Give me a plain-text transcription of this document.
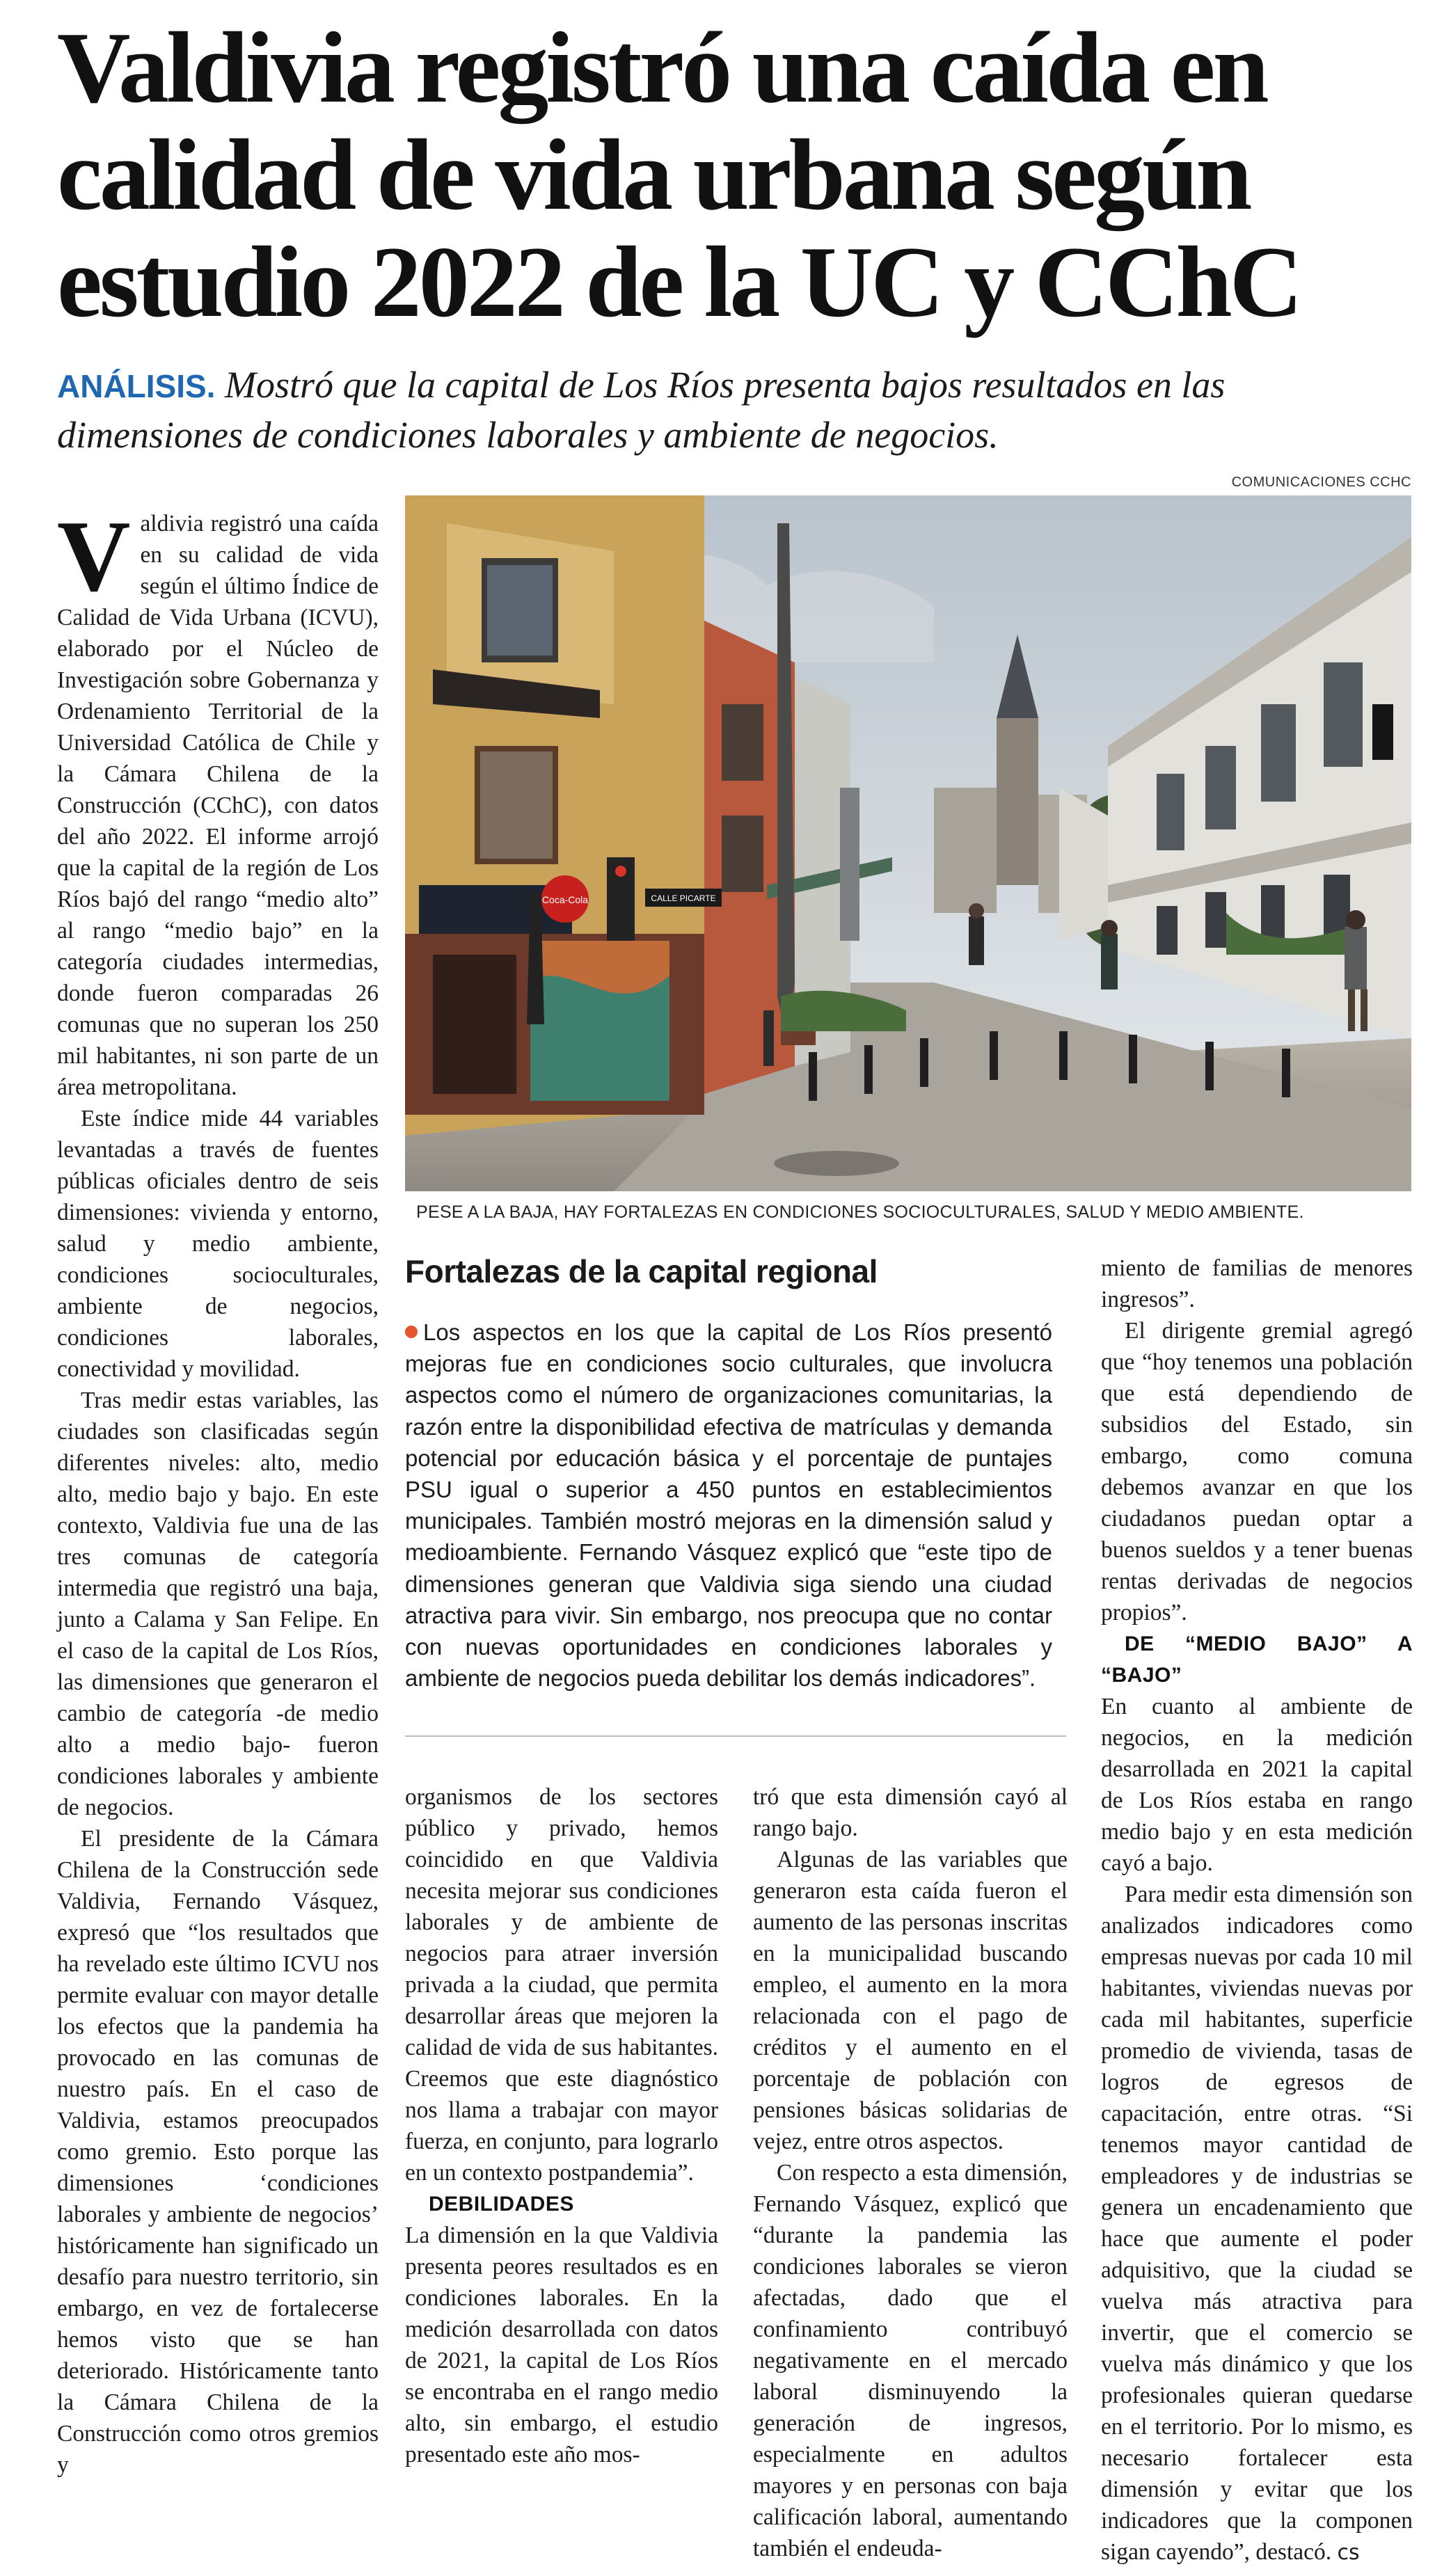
Valdivia registró una caída en
calidad de vida urbana según
estudio 2022 de la UC y CChC

ANÁLISIS. Mostró que la capital de Los Ríos presenta bajos resultados en las dimensiones de condiciones laborales y ambiente de negocios.

COMUNICACIONES CCHC
Coca-Cola	CALLE PICARTE
PESE A LA BAJA, HAY FORTALEZAS EN CONDICIONES SOCIOCULTURALES, SALUD Y MEDIO AMBIENTE.

Valdivia registró una caída en su calidad de vida según el último Índice de Calidad de Vida Urbana (ICVU), elaborado por el Núcleo de Investigación sobre Gobernanza y Ordenamiento Territorial de la Universidad Católica de Chile y la Cámara Chilena de la Construcción (CChC), con datos del año 2022. El informe arrojó que la capital de la región de Los Ríos bajó del rango “medio alto” al rango “medio bajo” en la categoría ciudades intermedias, donde fueron comparadas 26 comunas que no superan los 250 mil habitantes, ni son parte de un área metropolitana.

Este índice mide 44 variables levantadas a través de fuentes públicas oficiales dentro de seis dimensiones: vivienda y entorno, salud y medio ambiente, condiciones socioculturales, ambiente de negocios, condiciones laborales, conectividad y movilidad.

Tras medir estas variables, las ciudades son clasificadas según diferentes niveles: alto, medio alto, medio bajo y bajo. En este contexto, Valdivia fue una de las tres comunas de categoría intermedia que registró una baja, junto a Calama y San Felipe. En el caso de la capital de Los Ríos, las dimensiones que generaron el cambio de categoría -de medio alto a medio bajo- fueron condiciones laborales y ambiente de negocios.

El presidente de la Cámara Chilena de la Construcción sede Valdivia, Fernando Vásquez, expresó que “los resultados que ha revelado este último ICVU nos permite evaluar con mayor detalle los efectos que la pandemia ha provocado en las comunas de nuestro país. En el caso de Valdivia, estamos preocupados como gremio. Esto porque las dimensiones ‘condiciones laborales y ambiente de negocios’ históricamente han significado un desafío para nuestro territorio, sin embargo, en vez de fortalecerse hemos visto que se han deteriorado. Históricamente tanto la Cámara Chilena de la Construcción como otros gremios y

Fortalezas de la capital regional

Los aspectos en los que la capital de Los Ríos presentó mejoras fue en condiciones socio culturales, que involucra aspectos como el número de organizaciones comunitarias, la razón entre la disponibilidad efectiva de matrículas y demanda potencial por educación básica y el porcentaje de puntajes PSU igual o superior a 450 puntos en establecimientos municipales. También mostró mejoras en la dimensión salud y medioambiente. Fernando Vásquez explicó que “este tipo de dimensiones generan que Valdivia siga siendo una ciudad atractiva para vivir. Sin embargo, nos preocupa que no contar con nuevas oportunidades en condiciones laborales y ambiente de negocios pueda debilitar los demás indicadores”.

organismos de los sectores público y privado, hemos coincidido en que Valdivia necesita mejorar sus condiciones laborales y de ambiente de negocios para atraer inversión privada a la ciudad, que permita desarrollar áreas que mejoren la calidad de vida de sus habitantes. Creemos que este diagnóstico nos llama a trabajar con mayor fuerza, en conjunto, para lograrlo en un contexto postpandemia”.

DEBILIDADES

La dimensión en la que Valdivia presenta peores resultados es en condiciones laborales. En la medición desarrollada con datos de 2021, la capital de Los Ríos se encontraba en el rango medio alto, sin embargo, el estudio presentado este año mos-

tró que esta dimensión cayó al rango bajo.

Algunas de las variables que generaron esta caída fueron el aumento de las personas inscritas en la municipalidad buscando empleo, el aumento en la mora relacionada con el pago de créditos y el aumento en el porcentaje de población con pensiones básicas solidarias de vejez, entre otros aspectos.

Con respecto a esta dimensión, Fernando Vásquez, explicó que “durante la pandemia las condiciones laborales se vieron afectadas, dado que el confinamiento contribuyó negativamente en el mercado laboral disminuyendo la generación de ingresos, especialmente en adultos mayores y en personas con baja calificación laboral, aumentando también el endeuda-

miento de familias de menores ingresos”.

El dirigente gremial agregó que “hoy tenemos una población que está dependiendo de subsidios del Estado, sin embargo, como comuna debemos avanzar en que los ciudadanos puedan optar a buenos sueldos y a tener buenas rentas derivadas de negocios propios”.

DE “MEDIO BAJO” A “BAJO”

En cuanto al ambiente de negocios, en la medición desarrollada en 2021 la capital de Los Ríos estaba en rango medio bajo y en esta medición cayó a bajo.

Para medir esta dimensión son analizados indicadores como empresas nuevas por cada 10 mil habitantes, viviendas nuevas por cada mil habitantes, superficie promedio de vivienda, tasas de logros de egresos de capacitación, entre otras. “Si tenemos mayor cantidad de empleadores y de industrias se genera un encadenamiento que hace que aumente el poder adquisitivo, que la ciudad se vuelva más atractiva para invertir, que el comercio se vuelva más dinámico y que los profesionales quieran quedarse en el territorio. Por lo mismo, es necesario fortalecer esta dimensión y evitar que los indicadores que la componen sigan cayendo”, destacó. cs
